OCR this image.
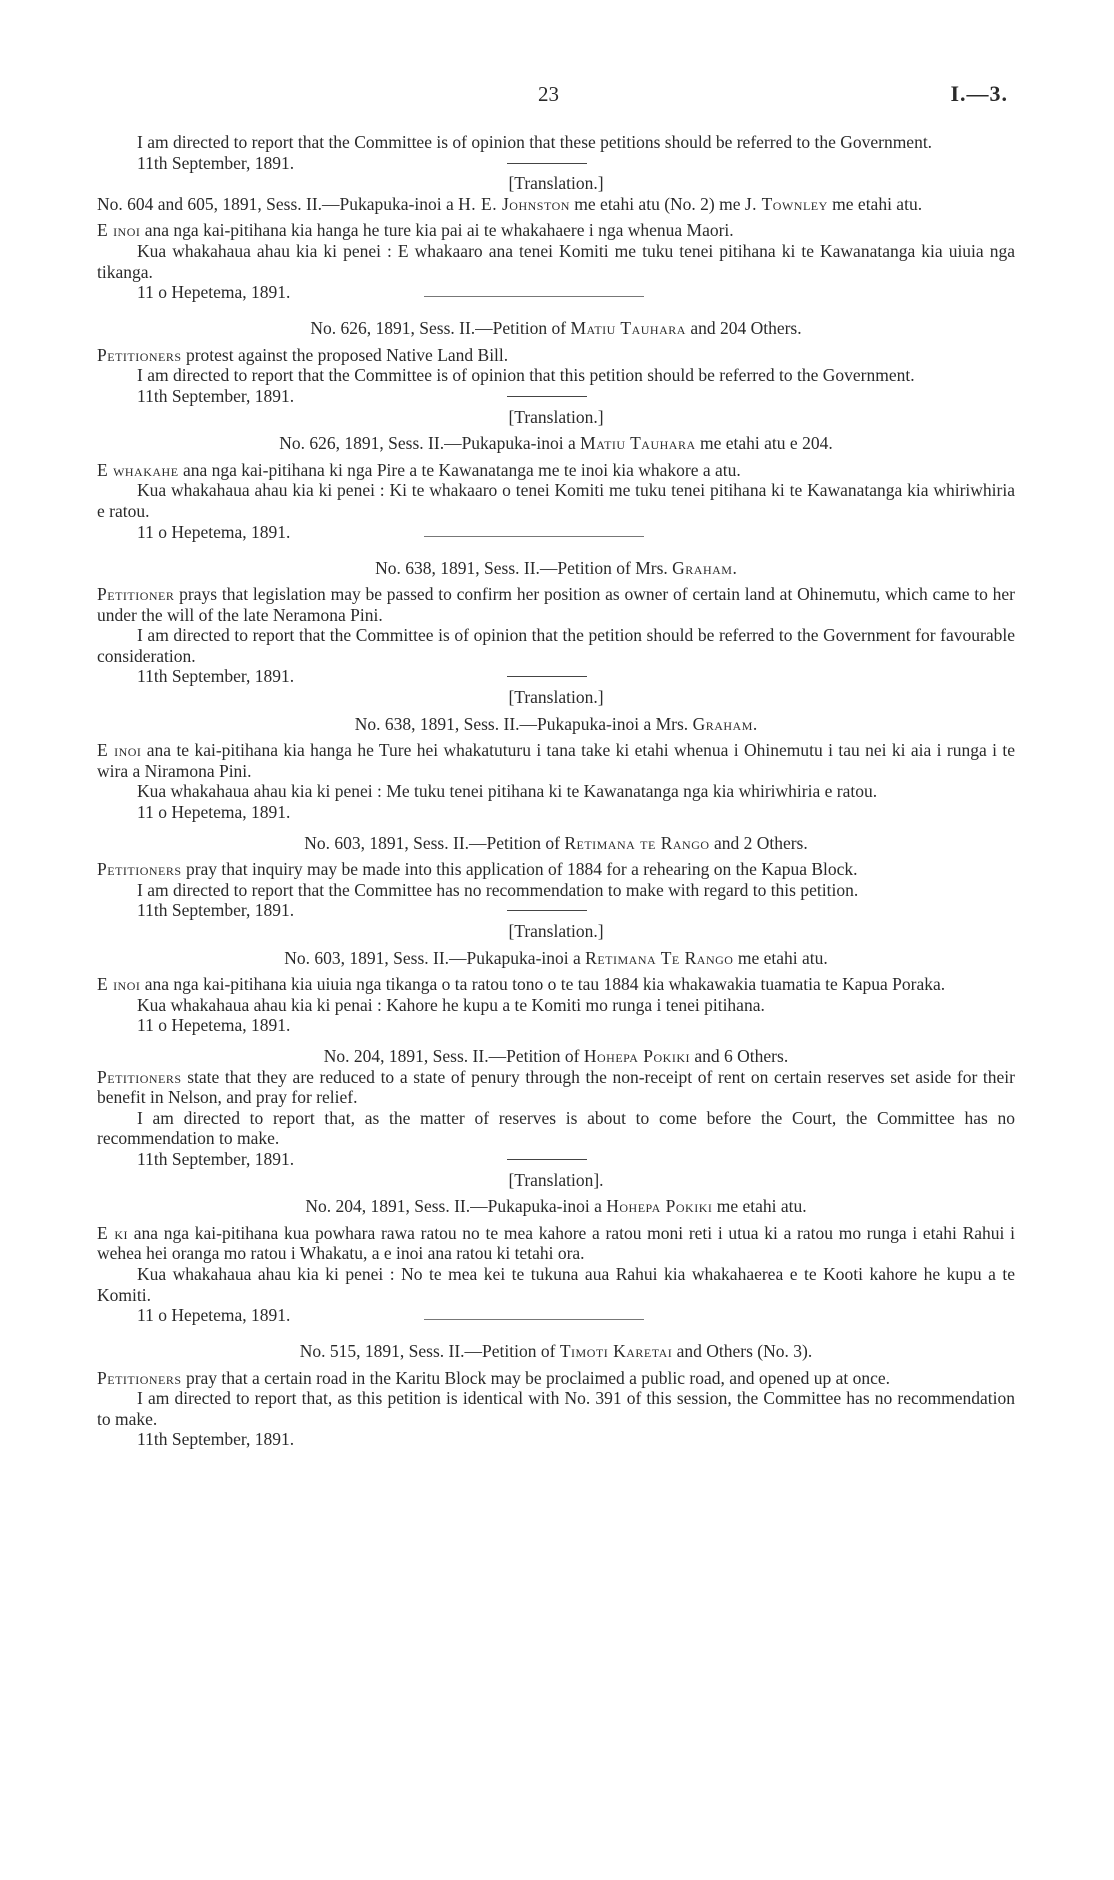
23	I.—3.

I am directed to report that the Committee is of opinion that these petitions should be referred to the Government.

11th September, 1891.

[Translation.]

No. 604 and 605, 1891, Sess. II.—Pukapuka-inoi a H. E. Johnston me etahi atu (No. 2) me J. Townley me etahi atu.

E inoi ana nga kai-pitihana kia hanga he ture kia pai ai te whakahaere i nga whenua Maori.

Kua whakahaua ahau kia ki penei : E whakaaro ana tenei Komiti me tuku tenei pitihana ki te Kawanatanga kia uiuia nga tikanga.

11 o Hepetema, 1891.

No. 626, 1891, Sess. II.—Petition of Matiu Tauhara and 204 Others.

Petitioners protest against the proposed Native Land Bill.

I am directed to report that the Committee is of opinion that this petition should be referred to the Government.

11th September, 1891.

[Translation.]

No. 626, 1891, Sess. II.—Pukapuka-inoi a Matiu Tauhara me etahi atu e 204.

E whakahe ana nga kai-pitihana ki nga Pire a te Kawanatanga me te inoi kia whakore a atu.

Kua whakahaua ahau kia ki penei : Ki te whakaaro o tenei Komiti me tuku tenei pitihana ki te Kawanatanga kia whiriwhiria e ratou.

11 o Hepetema, 1891.

No. 638, 1891, Sess. II.—Petition of Mrs. Graham.

Petitioner prays that legislation may be passed to confirm her position as owner of certain land at Ohinemutu, which came to her under the will of the late Neramona Pini.

I am directed to report that the Committee is of opinion that the petition should be referred to the Government for favourable consideration.

11th September, 1891.

[Translation.]

No. 638, 1891, Sess. II.—Pukapuka-inoi a Mrs. Graham.

E inoi ana te kai-pitihana kia hanga he Ture hei whakatuturu i tana take ki etahi whenua i Ohinemutu i tau nei ki aia i runga i te wira a Niramona Pini.

Kua whakahaua ahau kia ki penei : Me tuku tenei pitihana ki te Kawanatanga nga kia whiriwhiria e ratou.

11 o Hepetema, 1891.

No. 603, 1891, Sess. II.—Petition of Retimana te Rango and 2 Others.

Petitioners pray that inquiry may be made into this application of 1884 for a rehearing on the Kapua Block.

I am directed to report that the Committee has no recommendation to make with regard to this petition.

11th September, 1891.

[Translation.]

No. 603, 1891, Sess. II.—Pukapuka-inoi a Retimana Te Rango me etahi atu.

E inoi ana nga kai-pitihana kia uiuia nga tikanga o ta ratou tono o te tau 1884 kia whakawakia tuamatia te Kapua Poraka.

Kua whakahaua ahau kia ki penai : Kahore he kupu a te Komiti mo runga i tenei pitihana.

11 o Hepetema, 1891.

No. 204, 1891, Sess. II.—Petition of Hohepa Pokiki and 6 Others.

Petitioners state that they are reduced to a state of penury through the non-receipt of rent on certain reserves set aside for their benefit in Nelson, and pray for relief.

I am directed to report that, as the matter of reserves is about to come before the Court, the Committee has no recommendation to make.

11th September, 1891.

[Translation].

No. 204, 1891, Sess. II.—Pukapuka-inoi a Hohepa Pokiki me etahi atu.

E ki ana nga kai-pitihana kua powhara rawa ratou no te mea kahore a ratou moni reti i utua ki a ratou mo runga i etahi Rahui i wehea hei oranga mo ratou i Whakatu, a e inoi ana ratou ki tetahi ora.

Kua whakahaua ahau kia ki penei : No te mea kei te tukuna aua Rahui kia whakahaerea e te Kooti kahore he kupu a te Komiti.

11 o Hepetema, 1891.

No. 515, 1891, Sess. II.—Petition of Timoti Karetai and Others (No. 3).

Petitioners pray that a certain road in the Karitu Block may be proclaimed a public road, and opened up at once.

I am directed to report that, as this petition is identical with No. 391 of this session, the Committee has no recommendation to make.

11th September, 1891.
